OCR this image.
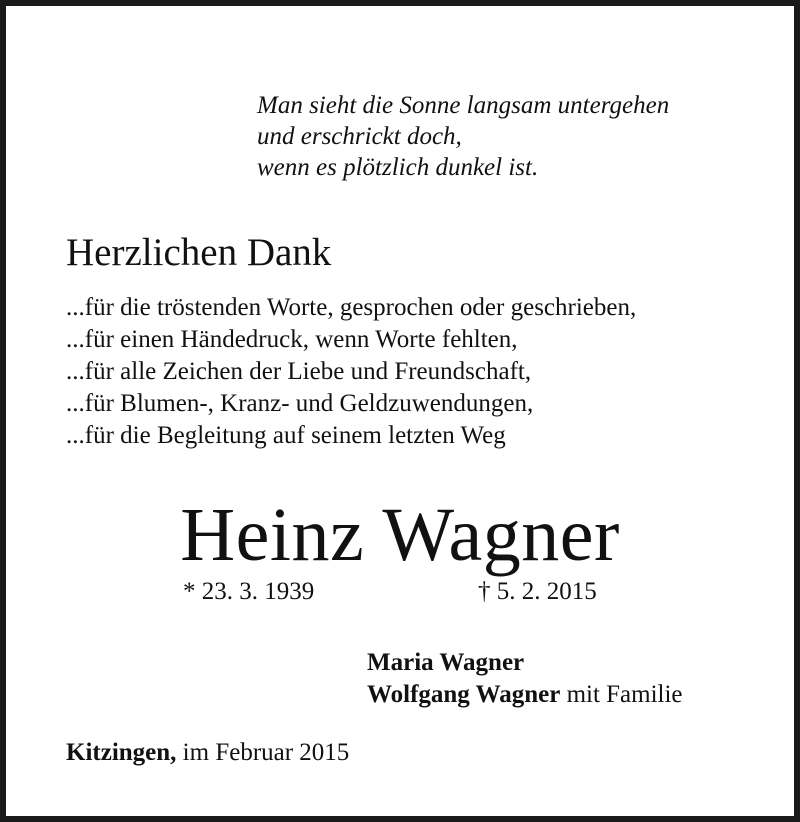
Man sieht die Sonne langsam untergehen
und erschrickt doch,
wenn es plötzlich dunkel ist.
Herzlichen Dank
...für die tröstenden Worte, gesprochen oder geschrieben,
...für einen Händedruck, wenn Worte fehlten,
...für alle Zeichen der Liebe und Freundschaft,
...für Blumen-, Kranz- und Geldzuwendungen,
...für die Begleitung auf seinem letzten Weg
Heinz Wagner
* 23. 3. 1939	† 5. 2. 2015
Maria Wagner
Wolfgang Wagner mit Familie
Kitzingen, im Februar 2015
